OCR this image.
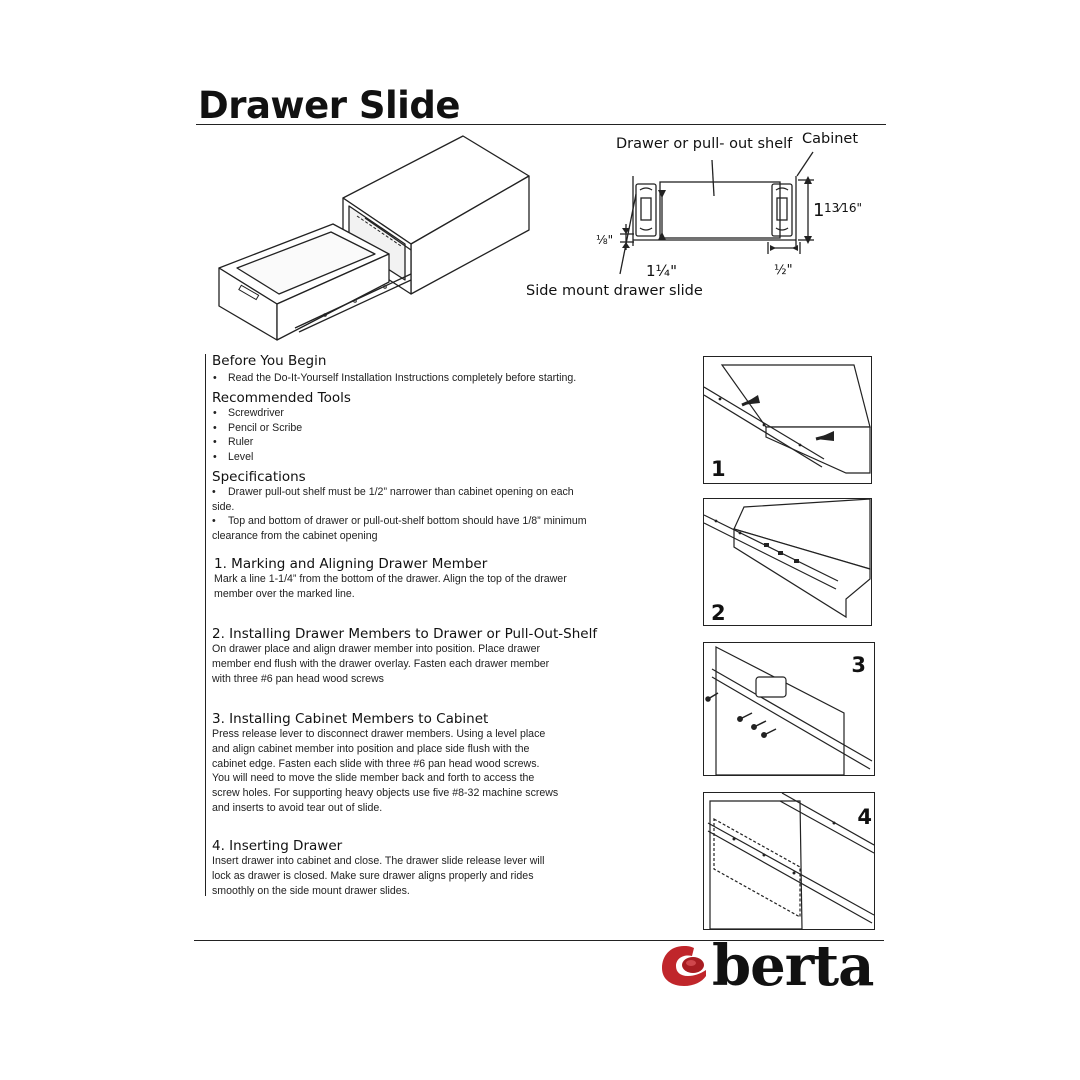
Drawer Slide
Drawer or pull- out shelf Cabinet
1 13⁄16"
⅛"
1¼"	½"
Side mount drawer slide
Before You Begin
• Read the Do-It-Yourself Installation Instructions completely before starting.
Recommended Tools
• Screwdriver
• Pencil or Scribe
• Ruler
• Level
Specifications

• Drawer pull-out shelf must be 1/2” narrower than cabinet opening on each side.

• Top and bottom of drawer or pull-out-shelf bottom should have 1/8” minimum clearance from the cabinet opening

1. Marking and Aligning Drawer Member

Mark a line 1-1/4” from the bottom of the drawer. Align the top of the drawer
member over the marked line.

2. Installing Drawer Members to Drawer or Pull-Out-Shelf

On drawer place and align drawer member into position. Place drawer
member end flush with the drawer overlay. Fasten each drawer member
with three #6 pan head wood screws

3. Installing Cabinet Members to Cabinet

Press release lever to disconnect drawer members. Using a level place
and align cabinet member into position and place side flush with the
cabinet edge. Fasten each slide with three #6 pan head wood screws.
You will need to move the slide member back and forth to access the
screw holes. For supporting heavy objects use five #8-32 machine screws
and inserts to avoid tear out of slide.

4. Inserting Drawer

Insert drawer into cabinet and close. The drawer slide release lever will
lock as drawer is closed. Make sure drawer aligns properly and rides
smoothly on the side mount drawer slides.

1
2
3
4
berta
